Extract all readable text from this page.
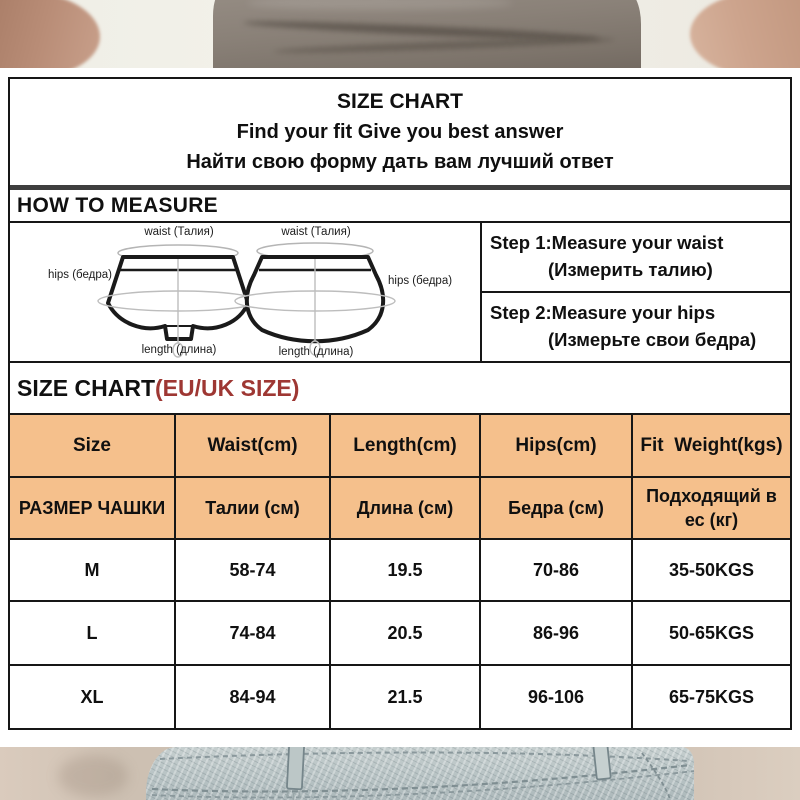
SIZE CHART
Find your fit Give you best answer
Найти свою форму дать вам лучший ответ
HOW TO MEASURE
waist (Талия)	waist (Талия)
hips (бедра)	hips (бедра)
length (длина)	length (длина)
Step 1:Measure your waist
(Измерить талию)
Step 2:Measure your hips
(Измерьте свои бедра)
SIZE CHART(EU/UK SIZE)
Size	Waist(cm)	Length(cm)	Hips(cm)	Fit  Weight(kgs)
РАЗМЕР ЧАШКИ	Талии (см)	Длина (см)	Бедра (см)	Подходящий в ес (кг)
M	58-74	19.5	70-86	35-50KGS
L	74-84	20.5	86-96	50-65KGS
XL	84-94	21.5	96-106	65-75KGS
